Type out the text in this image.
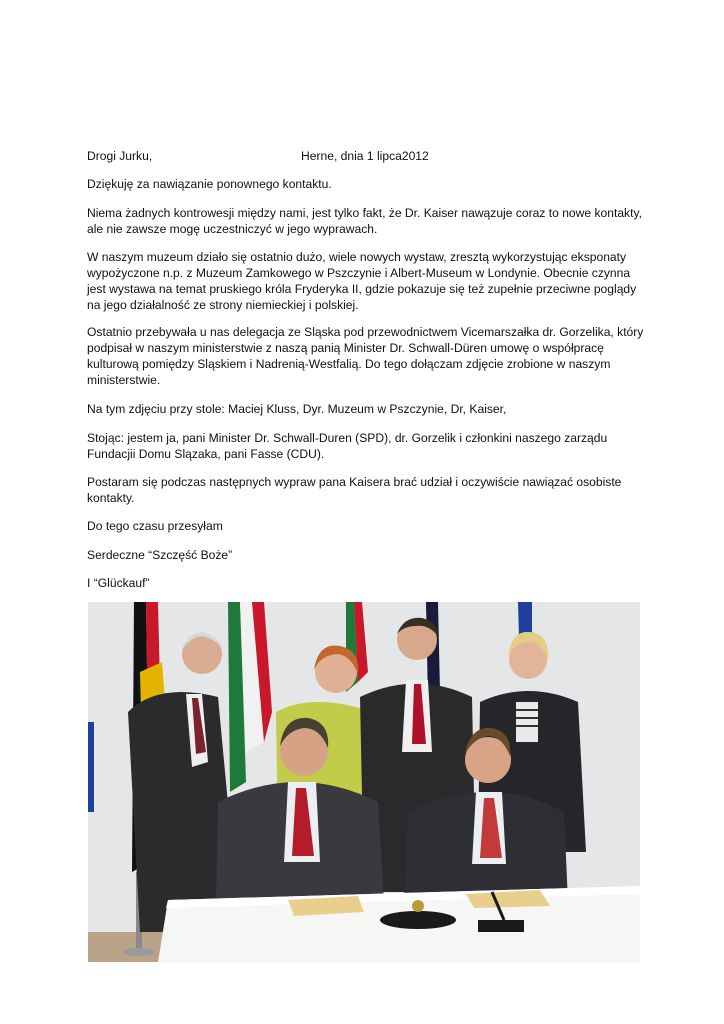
Drogi Jurku,	Herne, dnia 1 lipca2012

Dziękuję za nawiązanie ponownego kontaktu.

Niema żadnych kontrowesji między nami, jest tylko fakt, że Dr. Kaiser nawązuje coraz to nowe kontakty, ale nie zawsze mogę uczestniczyć w jego wyprawach.

W naszym muzeum działo się ostatnio dużo, wiele nowych wystaw, zresztą wykorzystując eksponaty wypożyczone n.p. z Muzeum Zamkowego w Pszczynie i Albert-Museum w Londynie. Obecnie czynna jest wystawa na temat pruskiego króla Fryderyka II, gdzie pokazuje się też zupełnie przeciwne poglądy na jego działalność ze strony niemieckiej i polskiej.

Ostatnio przebywała u nas delegacja ze Sląska pod przewodnictwem Vicemarszałka dr. Gorzelika, który podpisał w naszym ministerstwie z naszą panią Minister Dr. Schwall-Düren umowę o współpracę kulturową pomiędzy Sląskiem i Nadrenią-Westfalią. Do tego dołączam zdjęcie zrobione w naszym ministerstwie.

Na tym zdjęciu przy stole: Maciej Kluss, Dyr. Muzeum w Pszczynie, Dr, Kaiser,

Stojąc: jestem ja, pani Minister Dr. Schwall-Duren (SPD), dr. Gorzelik i członkini naszego zarządu Fundacjii Domu Slązaka, pani Fasse (CDU).

Postaram się podczas następnych wypraw pana Kaisera brać udział i oczywiście nawiązać osobiste kontakty.

Do tego czasu przesyłam

Serdeczne “Szczęść Boże”

I “Glückauf”
